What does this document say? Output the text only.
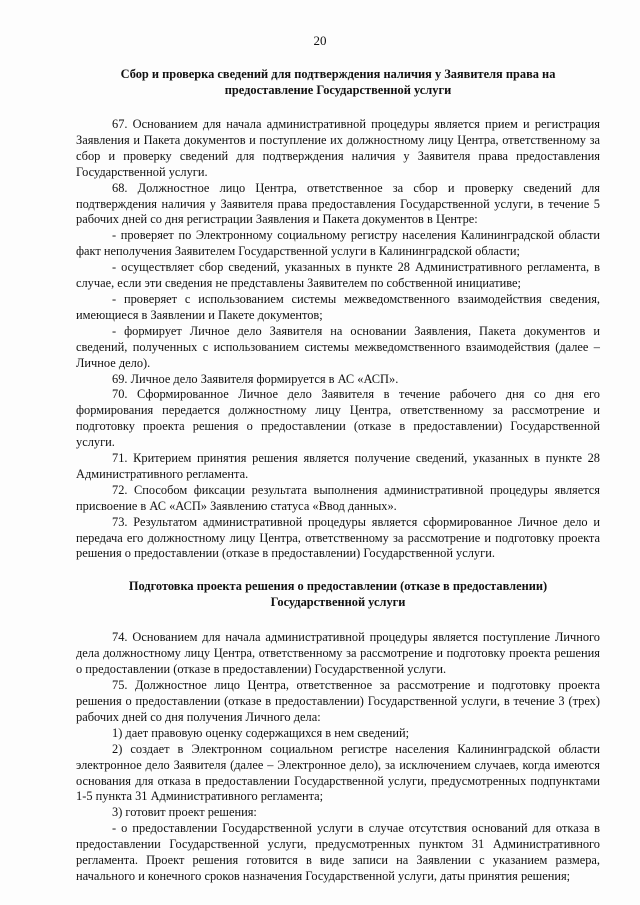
20
Сбор и проверка сведений для подтверждения наличия у Заявителя права на предоставление Государственной услуги

67. Основанием для начала административной процедуры является прием и регистрация Заявления и Пакета документов и поступление их должностному лицу Центра, ответственному за сбор и проверку сведений для подтверждения наличия у Заявителя права предоставления Государственной услуги.

68. Должностное лицо Центра, ответственное за сбор и проверку сведений для подтверждения наличия у Заявителя права предоставления Государственной услуги, в течение 5 рабочих дней со дня регистрации Заявления и Пакета документов в Центре:

- проверяет по Электронному социальному регистру населения Калининградской области факт неполучения Заявителем Государственной услуги в Калининградской области;

- осуществляет сбор сведений, указанных в пункте 28 Административного регламента, в случае, если эти сведения не представлены Заявителем по собственной инициативе;

- проверяет с использованием системы межведомственного взаимодействия сведения, имеющиеся в Заявлении и Пакете документов;

- формирует Личное дело Заявителя на основании Заявления, Пакета документов и сведений, полученных с использованием системы межведомственного взаимодействия (далее – Личное дело).

69. Личное дело Заявителя формируется в АС «АСП».

70. Сформированное Личное дело Заявителя в течение рабочего дня со дня его формирования передается должностному лицу Центра, ответственному за рассмотрение и подготовку проекта решения о предоставлении (отказе в предоставлении) Государственной услуги.

71. Критерием принятия решения является получение сведений, указанных в пункте 28 Административного регламента.

72. Способом фиксации результата выполнения административной процедуры является присвоение в АС «АСП» Заявлению статуса «Ввод данных».

73. Результатом административной процедуры является сформированное Личное дело и передача его должностному лицу Центра, ответственному за рассмотрение и подготовку проекта решения о предоставлении (отказе в предоставлении) Государственной услуги.

Подготовка проекта решения о предоставлении (отказе в предоставлении) Государственной услуги

74. Основанием для начала административной процедуры является поступление Личного дела должностному лицу Центра, ответственному за рассмотрение и подготовку проекта решения о предоставлении (отказе в предоставлении) Государственной услуги.

75. Должностное лицо Центра, ответственное за рассмотрение и подготовку проекта решения о предоставлении (отказе в предоставлении) Государственной услуги, в течение 3 (трех) рабочих дней со дня получения Личного дела:

1) дает правовую оценку содержащихся в нем сведений;

2) создает в Электронном социальном регистре населения Калининградской области электронное дело Заявителя (далее – Электронное дело), за исключением случаев, когда имеются основания для отказа в предоставлении Государственной услуги, предусмотренных подпунктами 1-5 пункта 31 Административного регламента;

3) готовит проект решения:

- о предоставлении Государственной услуги в случае отсутствия оснований для отказа в предоставлении Государственной услуги, предусмотренных пунктом 31 Административного регламента. Проект решения готовится в виде записи на Заявлении с указанием размера, начального и конечного сроков назначения Государственной услуги, даты принятия решения;
